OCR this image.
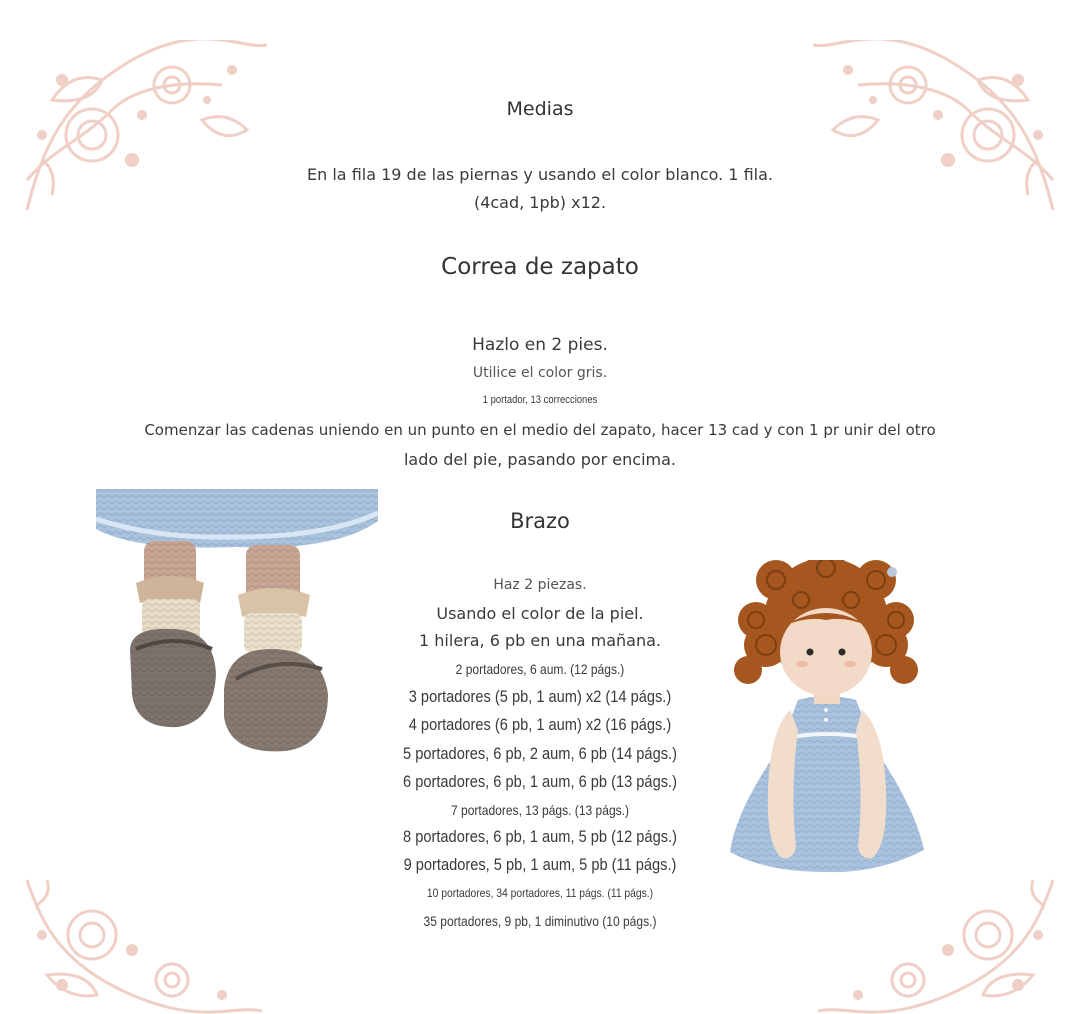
Medias
En la fila 19 de las piernas y usando el color blanco. 1 fila.
(4cad, 1pb) x12.
Correa de zapato
Hazlo en 2 pies.
Utilice el color gris.
1 portador, 13 correcciones
Comenzar las cadenas uniendo en un punto en el medio del zapato, hacer 13 cad y con 1 pr unir del otro
lado del pie, pasando por encima.
Brazo
Haz 2 piezas.
Usando el color de la piel.
1 hilera, 6 pb en una mañana.
2 portadores, 6 aum. (12 págs.)
3 portadores (5 pb, 1 aum) x2 (14 págs.)
4 portadores (6 pb, 1 aum) x2 (16 págs.)
5 portadores, 6 pb, 2 aum, 6 pb (14 págs.)
6 portadores, 6 pb, 1 aum, 6 pb (13 págs.)
7 portadores, 13 págs. (13 págs.)
8 portadores, 6 pb, 1 aum, 5 pb (12 págs.)
9 portadores, 5 pb, 1 aum, 5 pb (11 págs.)
10 portadores, 34 portadores, 11 págs. (11 págs.)
35 portadores, 9 pb, 1 diminutivo (10 págs.)
